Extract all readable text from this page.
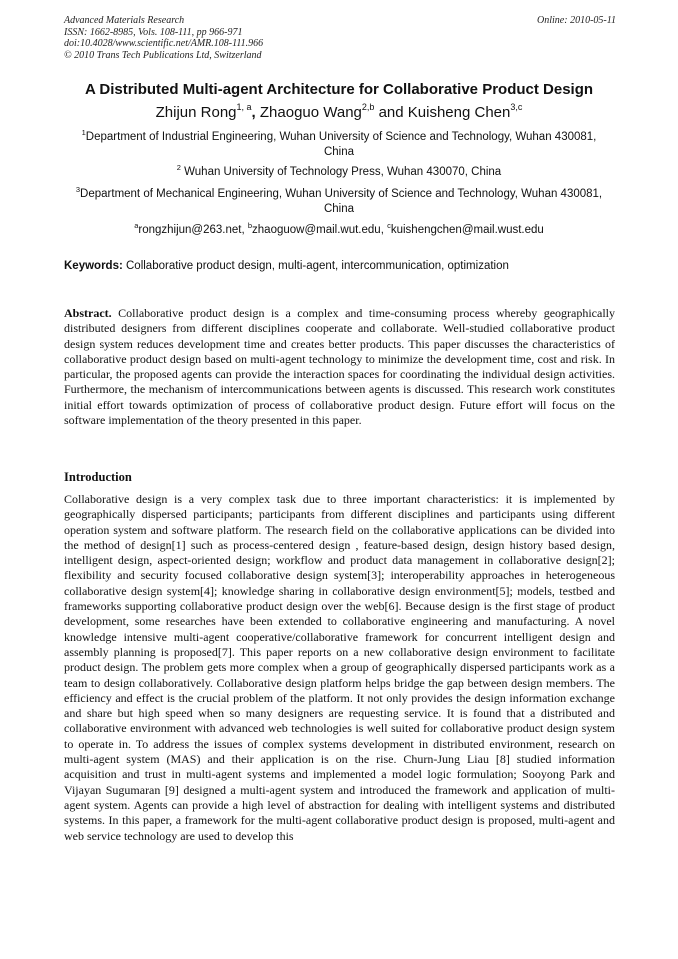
Advanced Materials Research
ISSN: 1662-8985, Vols. 108-111, pp 966-971
doi:10.4028/www.scientific.net/AMR.108-111.966
© 2010 Trans Tech Publications Ltd, Switzerland
Online: 2010-05-11
A Distributed Multi-agent Architecture for Collaborative Product Design
Zhijun Rong$^{1, a}$, Zhaoguo Wang$^{2,b}$ and Kuisheng Chen$^{3,c}$
$^1$Department of Industrial Engineering, Wuhan University of Science and Technology, Wuhan 430081, China
$^2$ Wuhan University of Technology Press, Wuhan 430070, China
$^3$Department of Mechanical Engineering, Wuhan University of Science and Technology, Wuhan 430081, China
$^a$rongzhijun@263.net, $^b$zhaoguow@mail.wut.edu, $^c$kuishengchen@mail.wust.edu
Keywords: Collaborative product design, multi-agent, intercommunication, optimization
Abstract. Collaborative product design is a complex and time-consuming process whereby geographically distributed designers from different disciplines cooperate and collaborate. Well-studied collaborative product design system reduces development time and creates better products. This paper discusses the characteristics of collaborative product design based on multi-agent technology to minimize the development time, cost and risk. In particular, the proposed agents can provide the interaction spaces for coordinating the individual design activities. Furthermore, the mechanism of intercommunications between agents is discussed. This research work constitutes initial effort towards optimization of process of collaborative product design. Future effort will focus on the software implementation of the theory presented in this paper.
Introduction
Collaborative design is a very complex task due to three important characteristics: it is implemented by geographically dispersed participants; participants from different disciplines and participants using different operation system and software platform. The research field on the collaborative applications can be divided into the method of design[1] such as process-centered design , feature-based design, design history based design, intelligent design, aspect-oriented design; workflow and product data management in collaborative design[2]; flexibility and security focused collaborative design system[3]; interoperability approaches in heterogeneous collaborative design system[4]; knowledge sharing in collaborative design environment[5]; models, testbed and frameworks supporting collaborative product design over the web[6]. Because design is the first stage of product development, some researches have been extended to collaborative engineering and manufacturing. A novel knowledge intensive multi-agent cooperative/collaborative framework for concurrent intelligent design and assembly planning is proposed[7]. This paper reports on a new collaborative design environment to facilitate product design. The problem gets more complex when a group of geographically dispersed participants work as a team to design collaboratively. Collaborative design platform helps bridge the gap between design members. The efficiency and effect is the crucial problem of the platform. It not only provides the design information exchange and share but high speed when so many designers are requesting service. It is found that a distributed and collaborative environment with advanced web technologies is well suited for collaborative product design system to operate in. To address the issues of complex systems development in distributed environment, research on multi-agent system (MAS) and their application is on the rise. Churn-Jung Liau [8] studied information acquisition and trust in multi-agent systems and implemented a model logic formulation; Sooyong Park and Vijayan Sugumaran [9] designed a multi-agent system and introduced the framework and application of multi-agent system. Agents can provide a high level of abstraction for dealing with intelligent systems and distributed systems. In this paper, a framework for the multi-agent collaborative product design is proposed, multi-agent and web service technology are used to develop this
